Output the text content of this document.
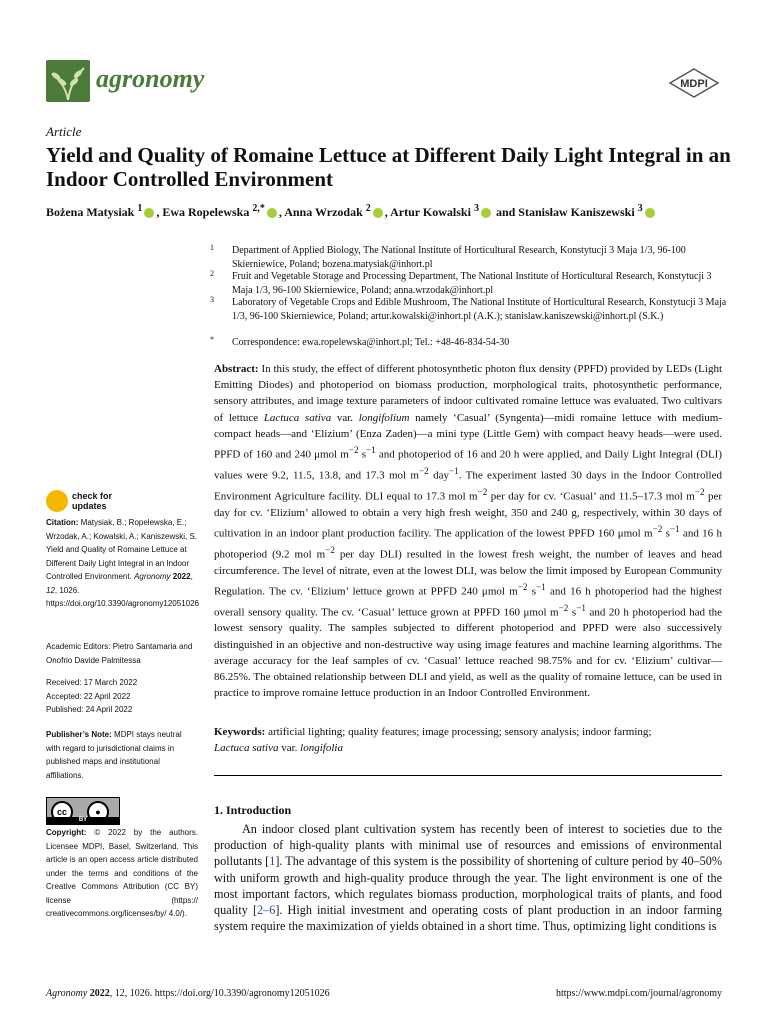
agronomy	MDPI
Article
Yield and Quality of Romaine Lettuce at Different Daily Light Integral in an Indoor Controlled Environment
Bożena Matysiak $^1$ , Ewa Ropelewska $^{2,*}$ , Anna Wrzodak $^2$ , Artur Kowalski $^3$ and Stanisław Kaniszewski $^3$
1	Department of Applied Biology, The National Institute of Horticultural Research, Konstytucji 3 Maja 1/3, 96-100 Skierniewice, Poland; bozena.matysiak@inhort.pl
2	Fruit and Vegetable Storage and Processing Department, The National Institute of Horticultural Research, Konstytucji 3 Maja 1/3, 96-100 Skierniewice, Poland; anna.wrzodak@inhort.pl
3	Laboratory of Vegetable Crops and Edible Mushroom, The National Institute of Horticultural Research, Konstytucji 3 Maja 1/3, 96-100 Skierniewice, Poland; artur.kowalski@inhort.pl (A.K.); stanislaw.kaniszewski@inhort.pl (S.K.)
*	Correspondence: ewa.ropelewska@inhort.pl; Tel.: +48-46-834-54-30
Abstract: In this study, the effect of different photosynthetic photon flux density (PPFD) provided by LEDs (Light Emitting Diodes) and photoperiod on biomass production, morphological traits, photosynthetic performance, sensory attributes, and image texture parameters of indoor cultivated romaine lettuce was evaluated. Two cultivars of lettuce Lactuca sativa var. longifolium namely ‘Casual’ (Syngenta)—midi romaine lettuce with medium-compact heads—and ‘Elizium’ (Enza Zaden)—a mini type (Little Gem) with compact heavy heads—were used. PPFD of 160 and 240 μmol $m^{-2}$ $s^{-1}$ and photoperiod of 16 and 20 h were applied, and Daily Light Integral (DLI) values were 9.2, 11.5, 13.8, and 17.3 mol $m^{-2}$ day$^{-1}$. The experiment lasted 30 days in the Indoor Controlled Environment Agriculture facility. DLI equal to 17.3 mol $m^{-2}$ per day for cv. ‘Casual’ and 11.5–17.3 mol $m^{-2}$ per day for cv. ‘Elizium’ allowed to obtain a very high fresh weight, 350 and 240 g, respectively, within 30 days of cultivation in an indoor plant production facility. The application of the lowest PPFD 160 μmol $m^{-2}$ $s^{-1}$ and 16 h photoperiod (9.2 mol $m^{-2}$ per day DLI) resulted in the lowest fresh weight, the number of leaves and head circumference. The level of nitrate, even at the lowest DLI, was below the limit imposed by European Community Regulation. The cv. ‘Elizium’ lettuce grown at PPFD 240 μmol $m^{-2}$ $s^{-1}$ and 16 h photoperiod had the highest overall sensory quality. The cv. ‘Casual’ lettuce grown at PPFD 160 μmol $m^{-2}$ $s^{-1}$ and 20 h photoperiod had the lowest sensory quality. The samples subjected to different photoperiod and PPFD were also successively distinguished in an objective and non-destructive way using image features and machine learning algorithms. The average accuracy for the leaf samples of cv. ‘Casual’ lettuce reached 98.75% and for cv. ‘Elizium’ cultivar—86.25%. The obtained relationship between DLI and yield, as well as the quality of romaine lettuce, can be used in practice to improve romaine lettuce production in an Indoor Controlled Environment.
Keywords: artificial lighting; quality features; image processing; sensory analysis; indoor farming;
Lactuca sativa var. longifolia
1. Introduction
An indoor closed plant cultivation system has recently been of interest to societies due to the production of high-quality plants with minimal use of resources and emissions of environmental pollutants [1]. The advantage of this system is the possibility of shortening of culture period by 40–50% with uniform growth and high-quality produce through the year. The light environment is one of the most important factors, which regulates biomass production, morphological traits of plants, and food quality [2–6]. High initial investment and operating costs of plant production in an indoor farming system require the maximization of yields obtained in a short time. Thus, optimizing light conditions is
check for
updates
Citation: Matysiak, B.; Ropelewska, E.; Wrzodak, A.; Kowalski, A.; Kaniszewski, S. Yield and Quality of Romaine Lettuce at Different Daily Light Integral in an Indoor Controlled Environment. Agronomy 2022, 12, 1026. https://doi.org/10.3390/agronomy12051026
Academic Editors: Pietro Santamaria and Onofrio Davide Palmitessa
Received: 17 March 2022
Accepted: 22 April 2022
Published: 24 April 2022
Publisher’s Note: MDPI stays neutral with regard to jurisdictional claims in published maps and institutional affiliations.
cc	●
BY
Copyright: © 2022 by the authors. Licensee MDPI, Basel, Switzerland. This article is an open access article distributed under the terms and conditions of the Creative Commons Attribution (CC BY) license (https:// creativecommons.org/licenses/by/ 4.0/).
Agronomy 2022, 12, 1026. https://doi.org/10.3390/agronomy12051026	https://www.mdpi.com/journal/agronomy
